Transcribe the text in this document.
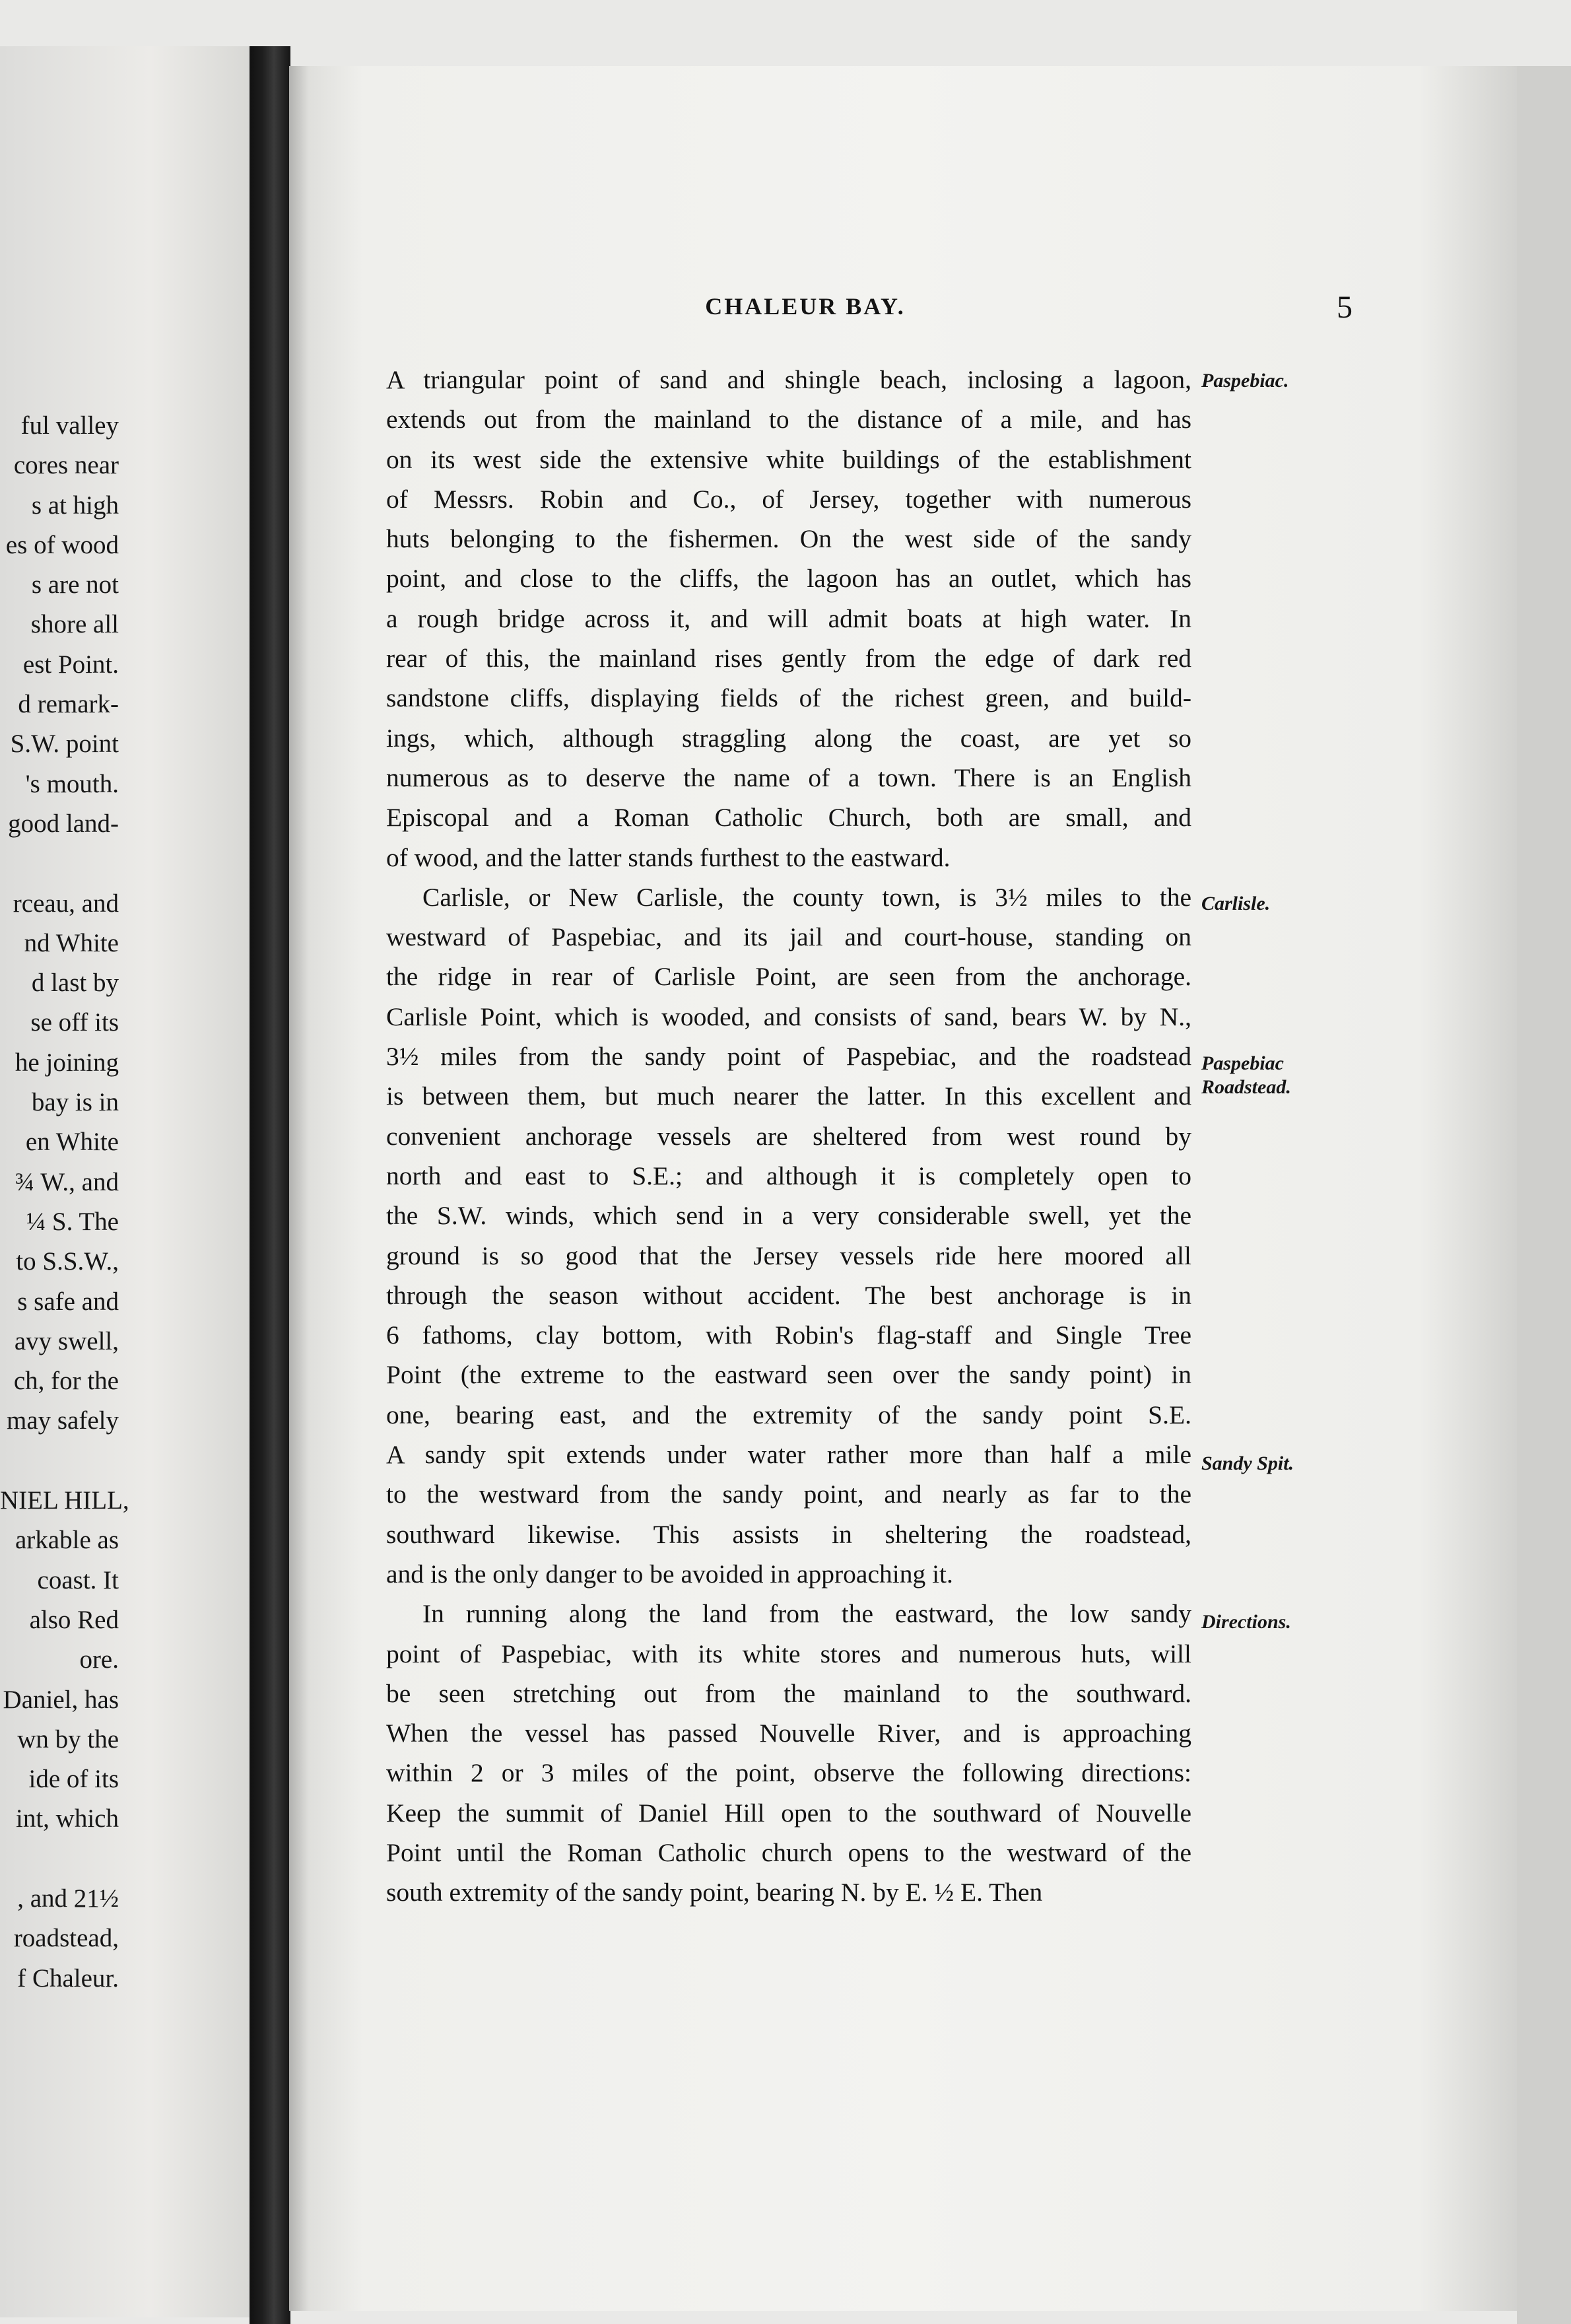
ful valley
cores near
s at high
es of wood
s are not
shore all
est Point.
d remark-
S.W. point
's mouth.
good land-
rceau, and
nd White
d last by
se off its
he joining
bay is in
en White
¾ W., and
¼ S. The
to S.S.W.,
s safe and
avy swell,
ch, for the
may safely
NIEL HILL,
arkable as
coast. It
also Red
ore.
Daniel, has
wn by the
ide of its
int, which
, and 21½
roadstead,
f Chaleur.
CHALEUR BAY.	5
A triangular point of sand and shingle beach, inclosing a lagoon,
extends out from the mainland to the distance of a mile, and has
on its west side the extensive white buildings of the establishment
of Messrs. Robin and Co., of Jersey, together with numerous
huts belonging to the fishermen. On the west side of the sandy
point, and close to the cliffs, the lagoon has an outlet, which has
a rough bridge across it, and will admit boats at high water. In
rear of this, the mainland rises gently from the edge of dark red
sandstone cliffs, displaying fields of the richest green, and build-
ings, which, although straggling along the coast, are yet so
numerous as to deserve the name of a town. There is an English
Episcopal and a Roman Catholic Church, both are small, and
of wood, and the latter stands furthest to the eastward.
Carlisle, or New Carlisle, the county town, is 3½ miles to the
westward of Paspebiac, and its jail and court-house, standing on
the ridge in rear of Carlisle Point, are seen from the anchorage.
Carlisle Point, which is wooded, and consists of sand, bears W. by N.,
3½ miles from the sandy point of Paspebiac, and the roadstead
is between them, but much nearer the latter. In this excellent and
convenient anchorage vessels are sheltered from west round by
north and east to S.E.; and although it is completely open to
the S.W. winds, which send in a very considerable swell, yet the
ground is so good that the Jersey vessels ride here moored all
through the season without accident. The best anchorage is in
6 fathoms, clay bottom, with Robin's flag-staff and Single Tree
Point (the extreme to the eastward seen over the sandy point) in
one, bearing east, and the extremity of the sandy point S.E.
A sandy spit extends under water rather more than half a mile
to the westward from the sandy point, and nearly as far to the
southward likewise. This assists in sheltering the roadstead,
and is the only danger to be avoided in approaching it.
In running along the land from the eastward, the low sandy
point of Paspebiac, with its white stores and numerous huts, will
be seen stretching out from the mainland to the southward.
When the vessel has passed Nouvelle River, and is approaching
within 2 or 3 miles of the point, observe the following directions:
Keep the summit of Daniel Hill open to the southward of Nouvelle
Point until the Roman Catholic church opens to the westward of the
south extremity of the sandy point, bearing N. by E. ½ E. Then
Paspebiac.
Carlisle.
Paspebiac
Roadstead.
Sandy Spit.
Directions.
